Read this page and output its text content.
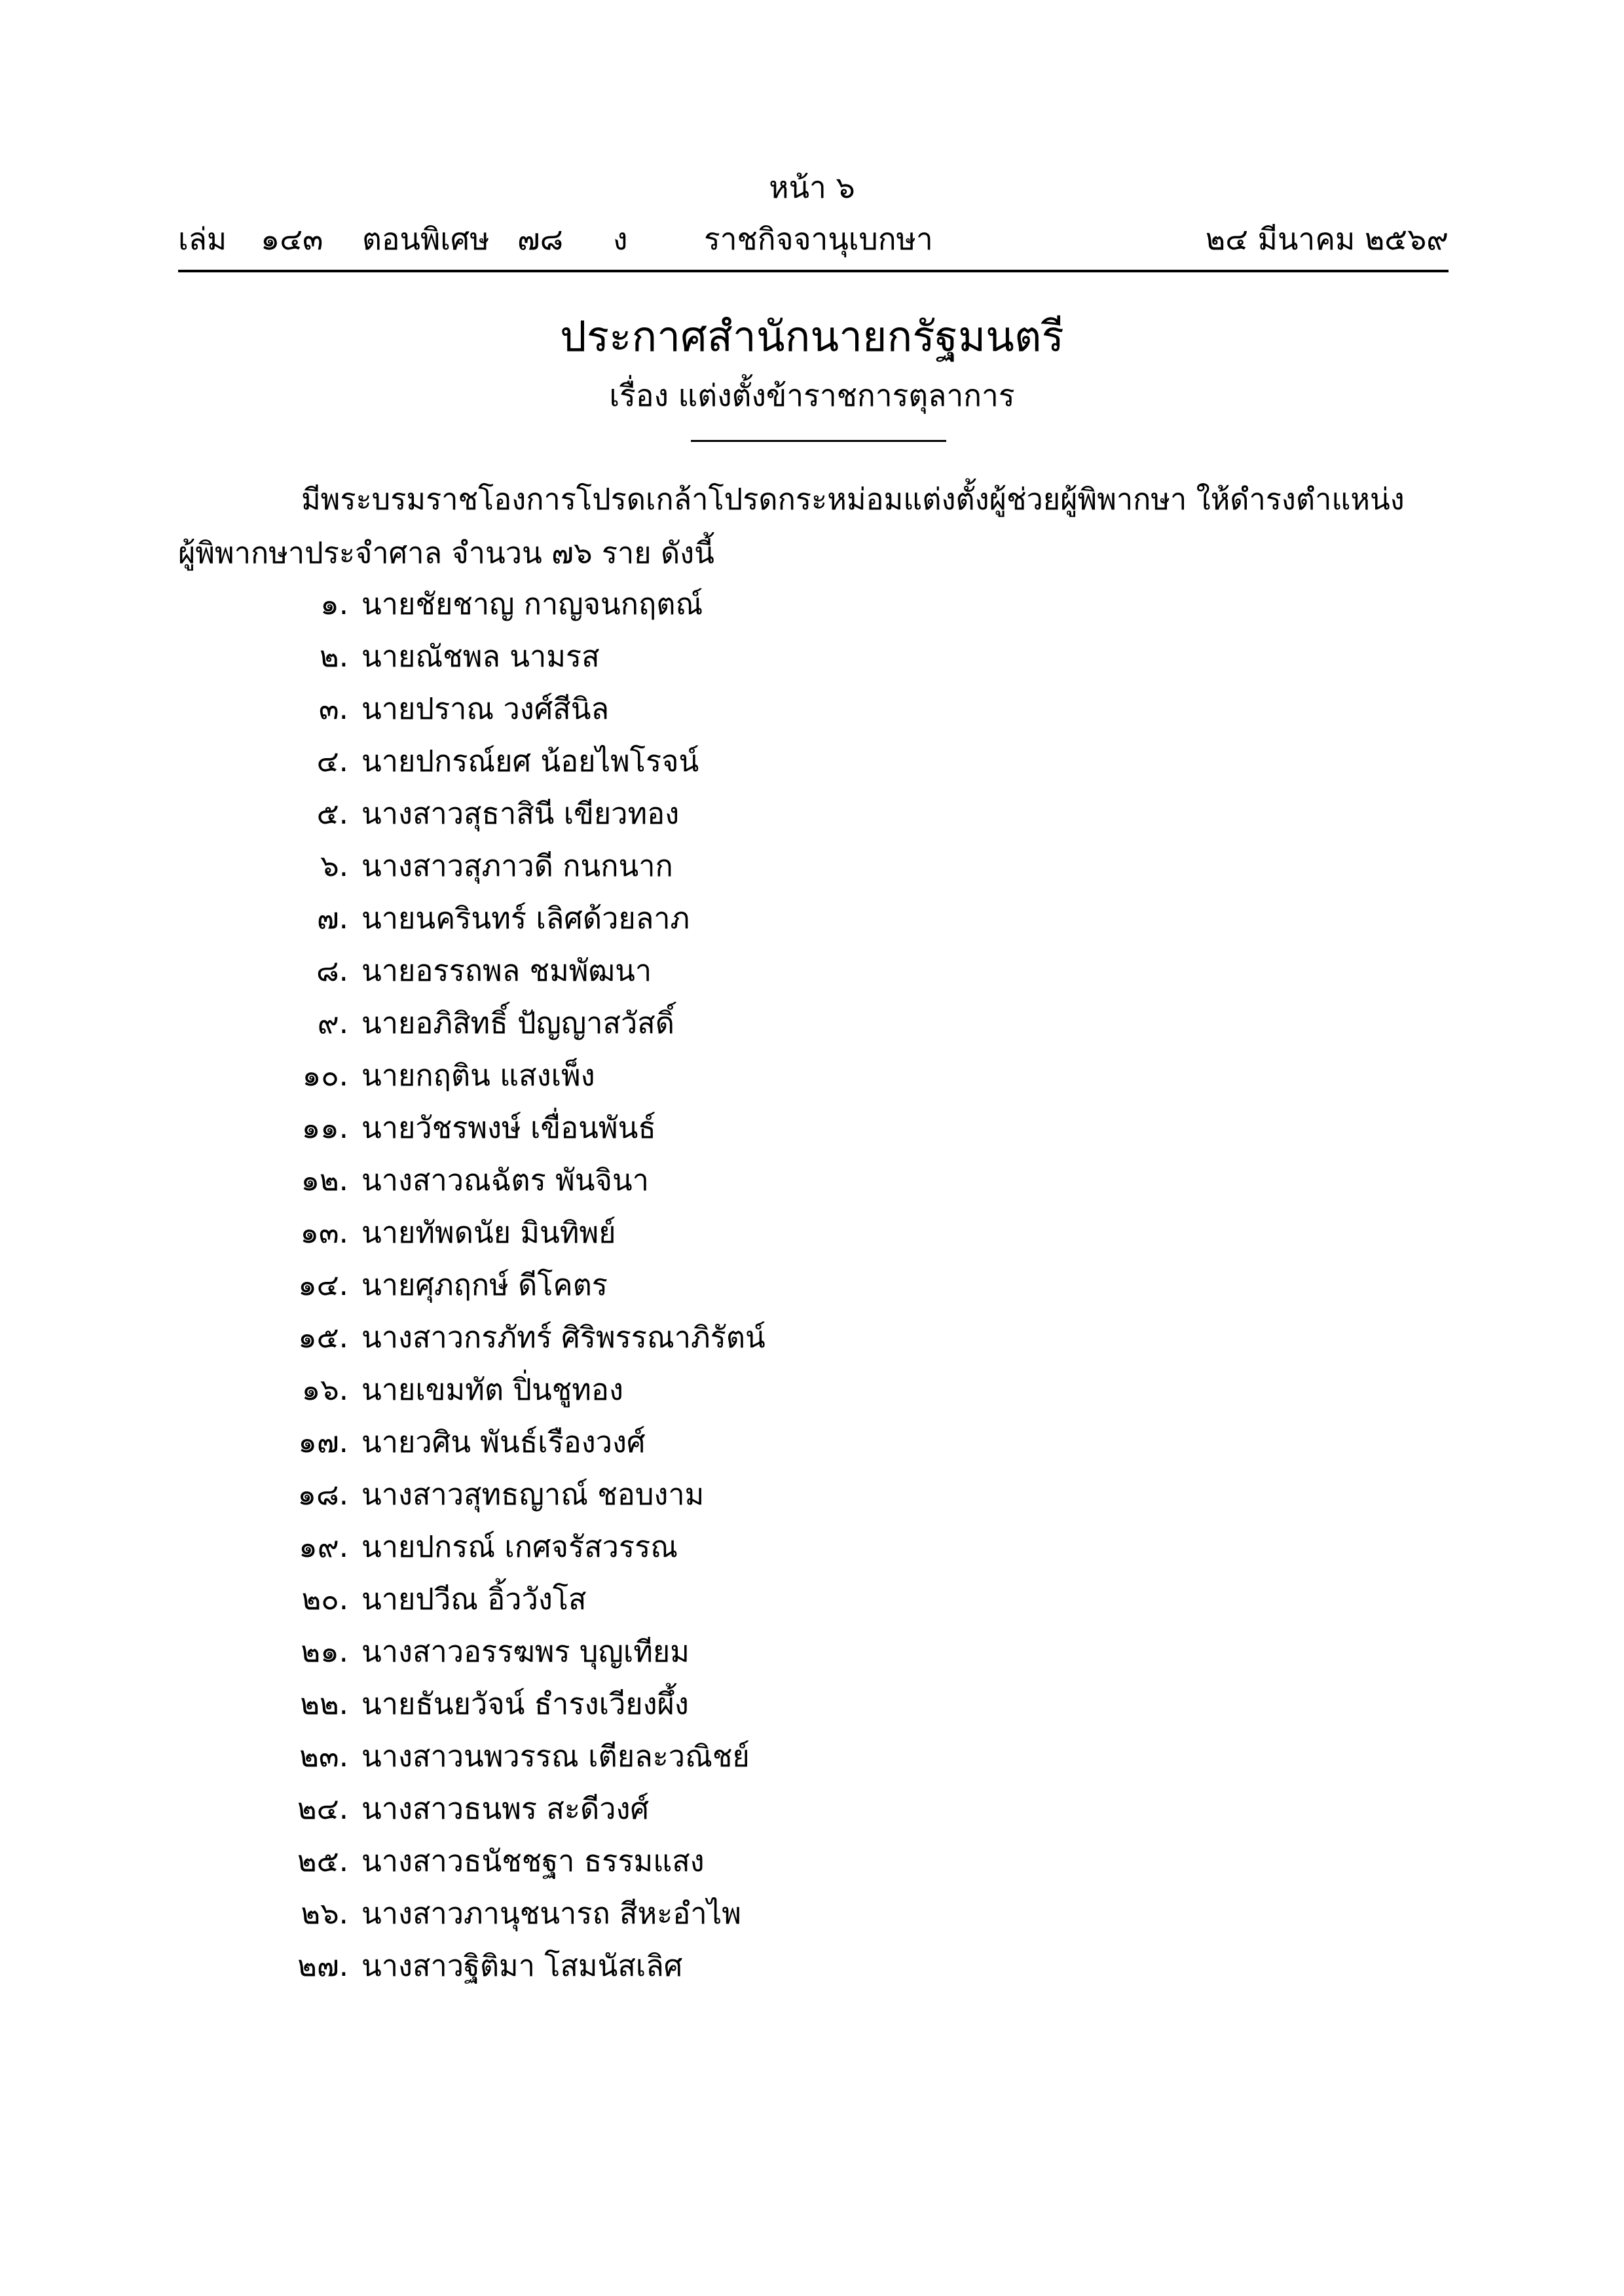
หน้า ๖
เล่ม ๑๔๓ ตอนพิเศษ ๗๘ ง	ราชกิจจานุเบกษา	๒๔ มีนาคม ๒๕๖๙
ประกาศสำนักนายกรัฐมนตรี
เรื่อง แต่งตั้งข้าราชการตุลาการ
มีพระบรมราชโองการโปรดเกล้าโปรดกระหม่อมแต่งตั้งผู้ช่วยผู้พิพากษา ให้ดำรงตำแหน่ง
ผู้พิพากษาประจำศาล จำนวน ๗๖ ราย ดังนี้
๑. นายชัยชาญ กาญจนกฤตณ์
๒. นายณัชพล นามรส
๓. นายปราณ วงศ์สีนิล
๔. นายปกรณ์ยศ น้อยไพโรจน์
๕. นางสาวสุธาสินี เขียวทอง
๖. นางสาวสุภาวดี กนกนาก
๗. นายนครินทร์ เลิศด้วยลาภ
๘. นายอรรถพล ชมพัฒนา
๙. นายอภิสิทธิ์ ปัญญาสวัสดิ์
๑๐. นายกฤติน แสงเพ็ง
๑๑. นายวัชรพงษ์ เขื่อนพันธ์
๑๒. นางสาวณฉัตร พันจินา
๑๓. นายทัพดนัย มินทิพย์
๑๔. นายศุภฤกษ์ ดีโคตร
๑๕. นางสาวกรภัทร์ ศิริพรรณาภิรัตน์
๑๖. นายเขมทัต ปิ่นชูทอง
๑๗. นายวศิน พันธ์เรืองวงศ์
๑๘. นางสาวสุทธญาณ์ ชอบงาม
๑๙. นายปกรณ์ เกศจรัสวรรณ
๒๐. นายปวีณ อิ้ววังโส
๒๑. นางสาวอรรฆพร บุญเทียม
๒๒. นายธันยวัจน์ ธำรงเวียงผึ้ง
๒๓. นางสาวนพวรรณ เตียละวณิชย์
๒๔. นางสาวธนพร สะดีวงศ์
๒๕. นางสาวธนัชชฐา ธรรมแสง
๒๖. นางสาวภานุชนารถ สีหะอำไพ
๒๗. นางสาวฐิติมา โสมนัสเลิศ
